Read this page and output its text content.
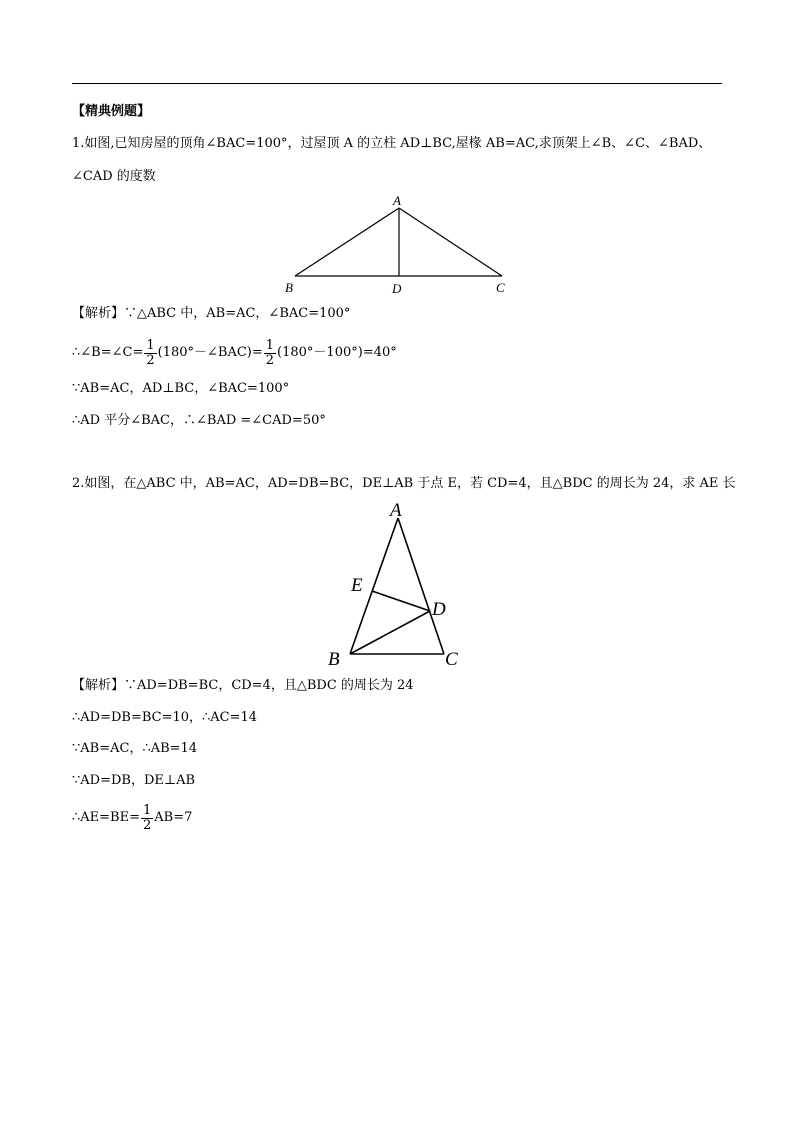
【精典例题】
1.如图,已知房屋的顶角∠BAC=100°，过屋顶 A 的立柱 AD⊥BC,屋椽 AB=AC,求顶架上∠B、∠C、∠BAD、
∠CAD 的度数
A
B	D	C
【解析】∵△ABC 中，AB=AC，∠BAC=100°
∴∠B=∠C= $\frac{1}{2}$ (180°－∠BAC)= $\frac{1}{2} (180^\circ-100^\circ)=40^\circ$
∵AB=AC，AD⊥BC，∠BAC=100°
∴AD 平分∠BAC，∴∠BAD =∠CAD=50°
2.如图，在△ABC 中，AB=AC，AD=DB=BC，DE⊥AB 于点 E，若 CD=4，且△BDC 的周长为 24，求 AE 长
A
E
D
B	C
【解析】∵AD=DB=BC，CD=4，且△BDC 的周长为 24
∴AD=DB=BC=10，∴AC=14
∵AB=AC，∴AB=14
∵AD=DB，DE⊥AB
∴AE=BE= $\frac{1}{2} AB=7$
